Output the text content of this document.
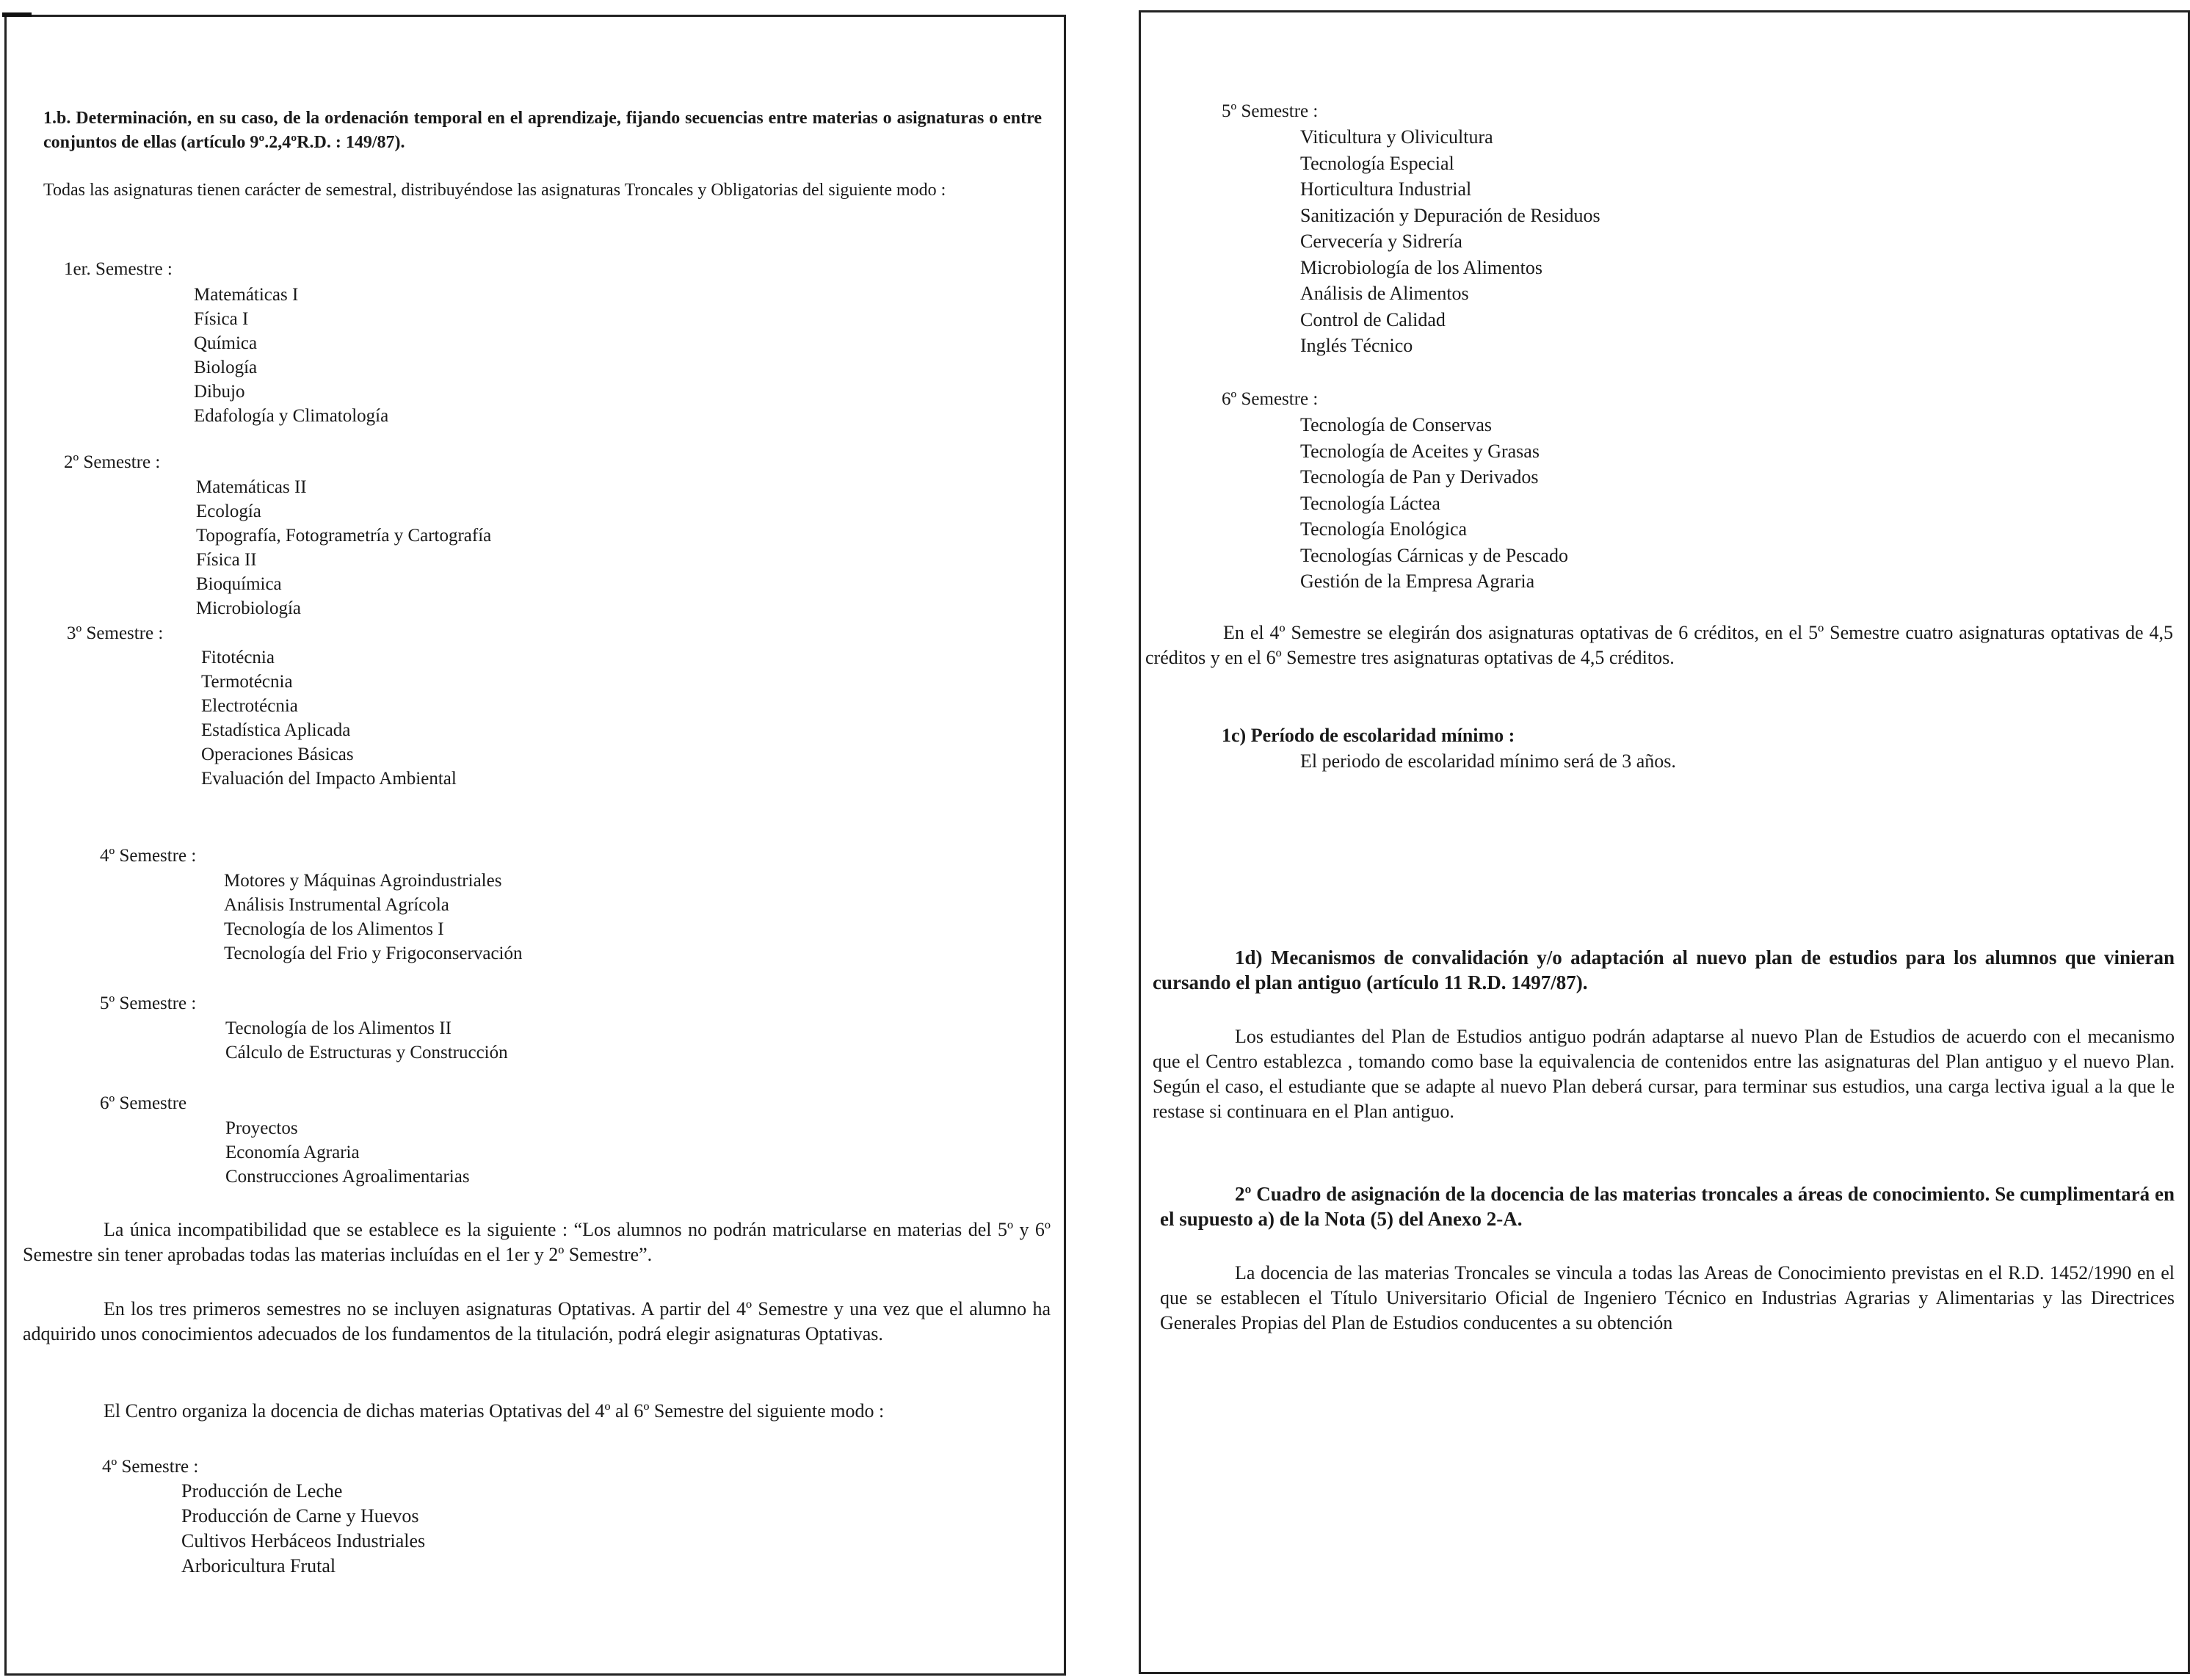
1.b. Determinación, en su caso, de la ordenación temporal en el aprendizaje, fijando secuencias entre materias o asignaturas o entre conjuntos de ellas (artículo 9º.2,4ºR.D. : 149/87).
Todas las asignaturas tienen carácter de semestral, distribuyéndose las asignaturas Troncales y Obligatorias del siguiente modo :
1er. Semestre :
Matemáticas I
Física I
Química
Biología
Dibujo
Edafología y Climatología
2º Semestre :
Matemáticas II
Ecología
Topografía, Fotogrametría y Cartografía
Física II
Bioquímica
Microbiología
3º Semestre :
Fitotécnia
Termotécnia
Electrotécnia
Estadística Aplicada
Operaciones Básicas
Evaluación del Impacto Ambiental
4º Semestre :
Motores y Máquinas Agroindustriales
Análisis Instrumental Agrícola
Tecnología de los Alimentos I
Tecnología del Frio y Frigoconservación
5º Semestre :
Tecnología de los Alimentos II
Cálculo de Estructuras y Construcción
6º Semestre
Proyectos
Economía Agraria
Construcciones Agroalimentarias
La única incompatibilidad que se establece es la siguiente : “Los alumnos no podrán matricularse en materias del 5º y 6º Semestre sin tener aprobadas todas las materias incluídas en el 1er y 2º Semestre”.
En los tres primeros semestres no se incluyen asignaturas Optativas. A partir del 4º Semestre y una vez que el alumno ha adquirido unos conocimientos adecuados de los fundamentos de la titulación, podrá elegir asignaturas Optativas.
El Centro organiza la docencia de dichas materias Optativas del 4º al 6º Semestre del siguiente modo :
4º Semestre :
Producción de Leche
Producción de Carne y Huevos
Cultivos Herbáceos Industriales
Arboricultura Frutal
5º Semestre :
Viticultura y Olivicultura
Tecnología Especial
Horticultura Industrial
Sanitización y Depuración de Residuos
Cervecería y Sidrería
Microbiología de los Alimentos
Análisis de Alimentos
Control de Calidad
Inglés Técnico
6º Semestre :
Tecnología de Conservas
Tecnología de Aceites y Grasas
Tecnología de Pan y Derivados
Tecnología Láctea
Tecnología Enológica
Tecnologías Cárnicas y de Pescado
Gestión de la Empresa Agraria
En el 4º Semestre se elegirán dos asignaturas optativas de 6 créditos, en el 5º Semestre cuatro asignaturas optativas de 4,5 créditos y en el 6º Semestre tres asignaturas optativas de 4,5 créditos.
1c) Período de escolaridad mínimo :
El periodo de escolaridad mínimo será de 3 años.
1d) Mecanismos de convalidación y/o adaptación al nuevo plan de estudios para los alumnos que vinieran cursando el plan antiguo (artículo 11 R.D. 1497/87).
Los estudiantes del Plan de Estudios antiguo podrán adaptarse al nuevo Plan de Estudios de acuerdo con el mecanismo que el Centro establezca , tomando como base la equivalencia de contenidos entre las asignaturas del Plan antiguo y el nuevo Plan. Según el caso, el estudiante que se adapte al nuevo Plan deberá cursar, para terminar sus estudios, una carga lectiva igual a la que le restase si continuara en el Plan antiguo.
2º Cuadro de asignación de la docencia de las materias troncales a áreas de conocimiento. Se cumplimentará en el supuesto a) de la Nota (5) del Anexo 2-A.
La docencia de las materias Troncales se vincula a todas las Areas de Conocimiento previstas en el R.D. 1452/1990 en el que se establecen el Título Universitario Oficial de Ingeniero Técnico en Industrias Agrarias y Alimentarias y las Directrices Generales Propias del Plan de Estudios conducentes a su obtención
